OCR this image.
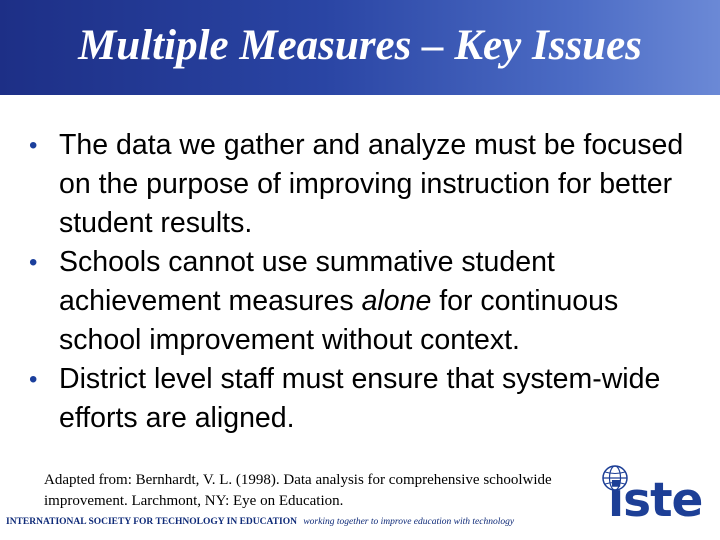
Multiple Measures – Key Issues
• The data we gather and analyze must be focused on the purpose of improving instruction for better student results.
• Schools cannot use summative student achievement measures alone for continuous school improvement without context.
• District level staff must ensure that system-wide efforts are aligned.
Adapted from: Bernhardt, V. L. (1998). Data analysis for comprehensive schoolwide improvement. Larchmont, NY: Eye on Education.
INTERNATIONAL SOCIETY FOR TECHNOLOGY IN EDUCATION working together to improve education with technology	iste
